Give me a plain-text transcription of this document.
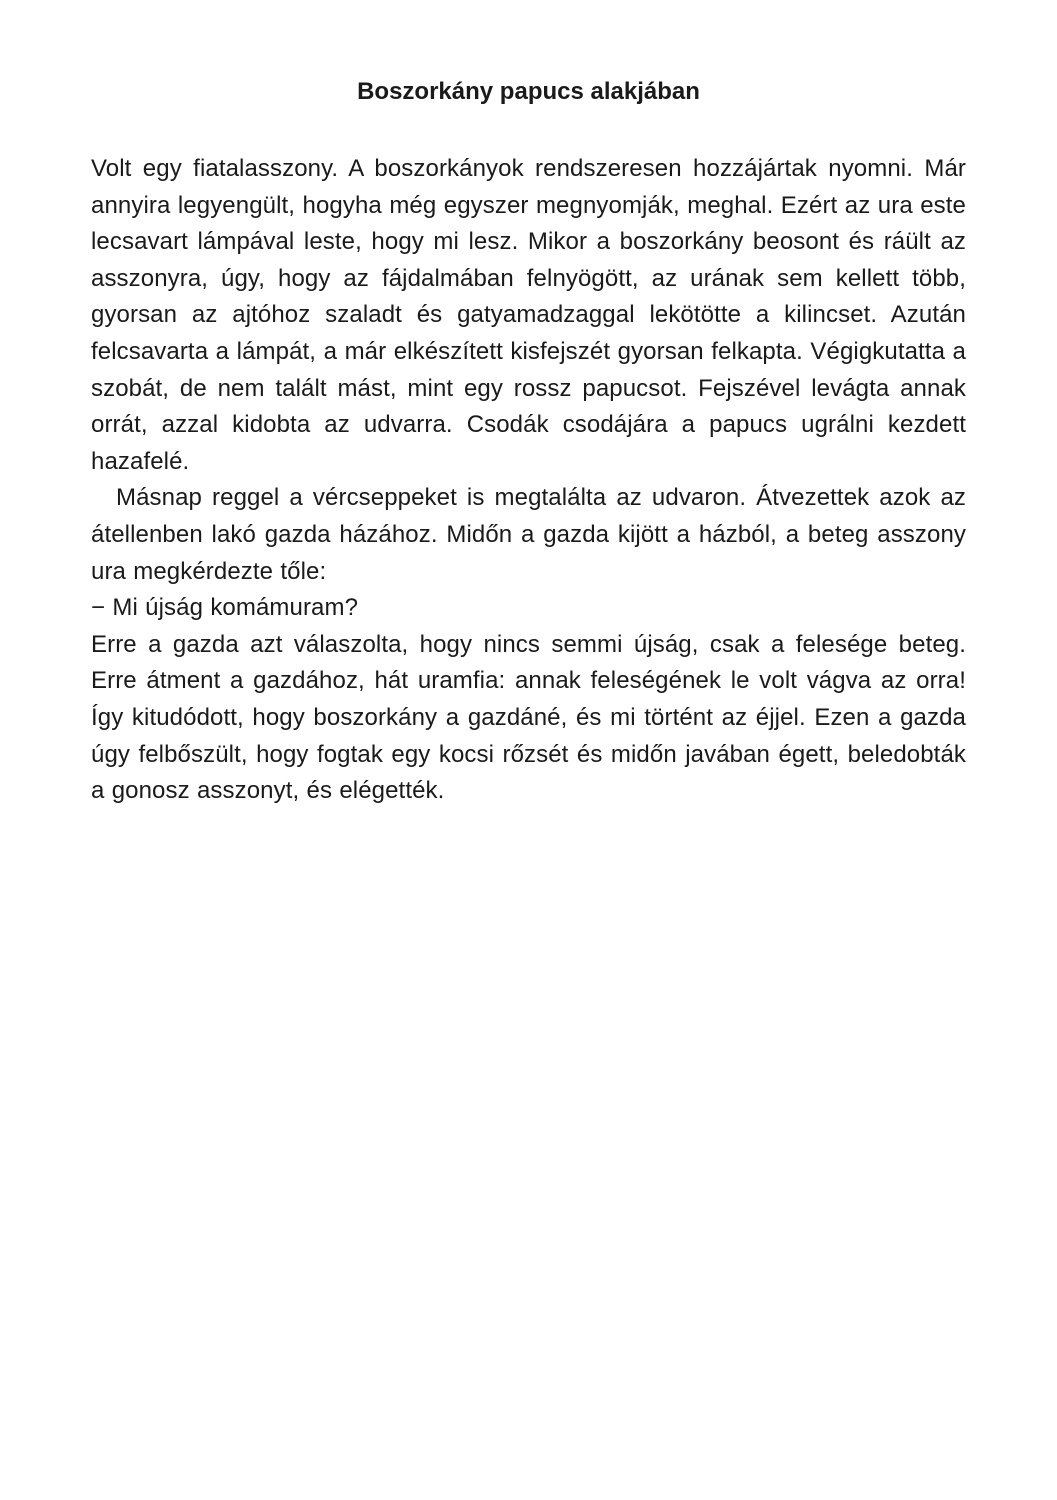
Boszorkány papucs alakjában

Volt egy fiatalasszony. A boszorkányok rendszeresen hozzájártak nyomni. Már annyira legyengült, hogyha még egyszer megnyomják, meghal. Ezért az ura este lecsavart lámpával leste, hogy mi lesz. Mikor a boszorkány beosont és ráült az asszonyra, úgy, hogy az fájdalmában felnyögött, az urának sem kellett több, gyorsan az ajtóhoz szaladt és gatyamadzaggal lekötötte a kilincset. Azután felcsavarta a lámpát, a már elkészített kisfejszét gyorsan felkapta. Végigkutatta a szobát, de nem talált mást, mint egy rossz papucsot. Fejszével levágta annak orrát, azzal kidobta az udvarra. Csodák csodájára a papucs ugrálni kezdett hazafelé.

Másnap reggel a vércseppeket is megtalálta az udvaron. Átvezettek azok az átellenben lakó gazda házához. Midőn a gazda kijött a házból, a beteg asszony ura megkérdezte tőle:

− Mi újság komámuram?

Erre a gazda azt válaszolta, hogy nincs semmi újság, csak a felesége beteg. Erre átment a gazdához, hát uramfia: annak feleségének le volt vágva az orra! Így kitudódott, hogy boszorkány a gazdáné, és mi történt az éjjel. Ezen a gazda úgy felbőszült, hogy fogtak egy kocsi rőzsét és midőn javában égett, beledobták a gonosz asszonyt, és elégették.
